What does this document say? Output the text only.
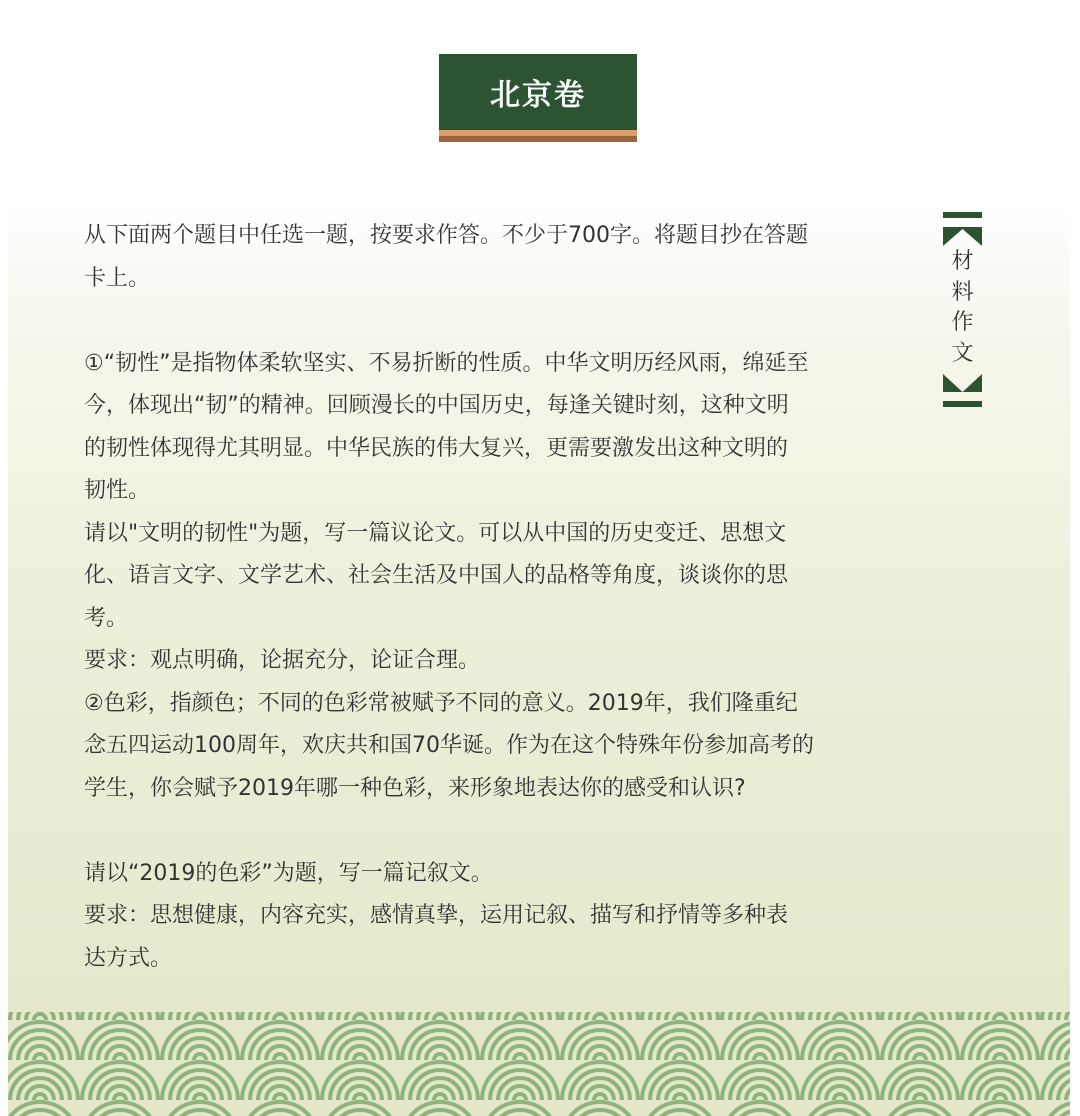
北京卷

从下面两个题目中任选一题，按要求作答。不少于700字。将题目抄在答题

卡上。

①“韧性”是指物体柔软坚实、不易折断的性质。中华文明历经风雨，绵延至

今，体现出“韧”的精神。回顾漫长的中国历史，每逢关键时刻，这种文明

的韧性体现得尤其明显。中华民族的伟大复兴，更需要激发出这种文明的

韧性。

请以"文明的韧性"为题，写一篇议论文。可以从中国的历史变迁、思想文

化、语言文字、文学艺术、社会生活及中国人的品格等角度，谈谈你的思

考。

要求：观点明确，论据充分，论证合理。

②色彩，指颜色；不同的色彩常被赋予不同的意义。2019年，我们隆重纪

念五四运动100周年，欢庆共和国70华诞。作为在这个特殊年份参加高考的

学生，你会赋予2019年哪一种色彩，来形象地表达你的感受和认识?

请以“2019的色彩”为题，写一篇记叙文。

要求：思想健康，内容充实，感情真挚，运用记叙、描写和抒情等多种表

达方式。

材
料
作
文
